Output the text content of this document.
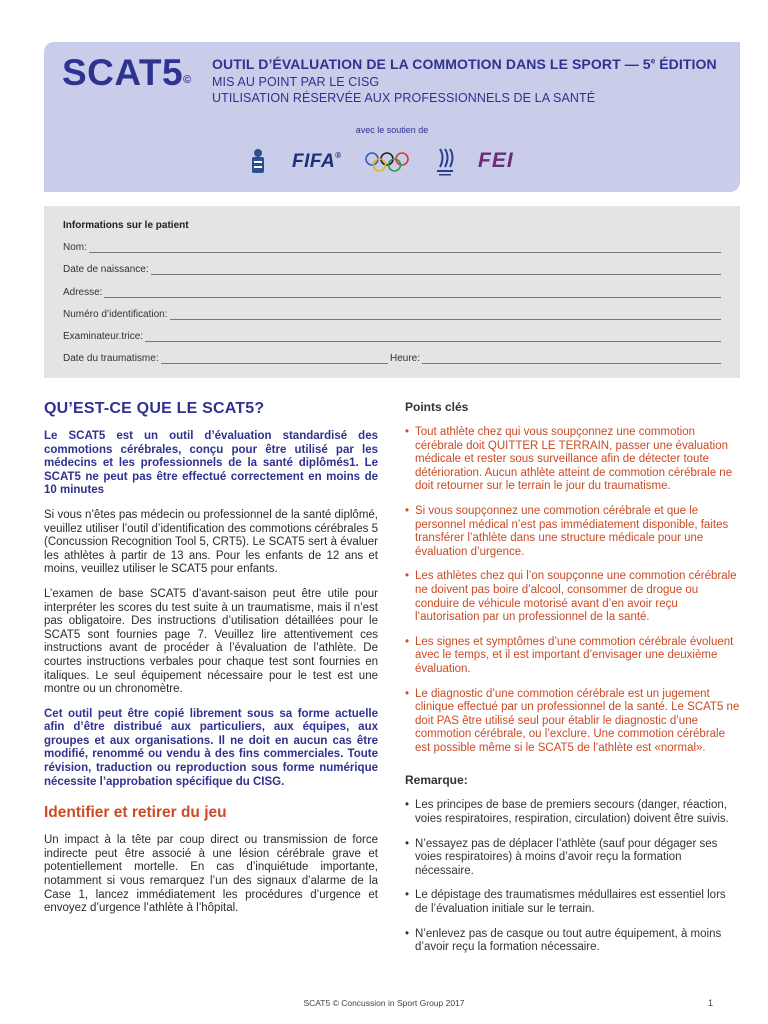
SCAT5©
OUTIL D’ÉVALUATION DE LA COMMOTION DANS LE SPORT — 5e ÉDITION
MIS AU POINT PAR LE CISG
UTILISATION RÉSERVÉE AUX PROFESSIONNELS DE LA SANTÉ
avec le soutien de
FIFA®	FEI
Informations sur le patient
Nom:
Date de naissance:
Adresse:
Numéro d’identification:
Examinateur.trice:
Date du traumatisme:	Heure:
QU’EST-CE QUE LE SCAT5?

Le SCAT5 est un outil d’évaluation standardisé des commotions cérébrales, conçu pour être utilisé par les médecins et les professionnels de la santé diplômés1. Le SCAT5 ne peut pas être effectué correctement en moins de 10 minutes

Si vous n’êtes pas médecin ou professionnel de la santé diplômé, veuillez utiliser l’outil d’identification des commotions cérébrales 5 (Concussion Recognition Tool 5, CRT5). Le SCAT5 sert à évaluer les athlètes à partir de 13 ans. Pour les enfants de 12 ans et moins, veuillez utiliser le SCAT5 pour enfants.

L’examen de base SCAT5 d’avant-saison peut être utile pour interpréter les scores du test suite à un traumatisme, mais il n’est pas obligatoire. Des instructions d’utilisation détaillées pour le SCAT5 sont fournies page 7. Veuillez lire attentivement ces instructions avant de procéder à l’évaluation de l’athlète. De courtes instructions verbales pour chaque test sont fournies en italiques. Le seul équipement nécessaire pour le test est une montre ou un chronomètre.

Cet outil peut être copié librement sous sa forme actuelle afin d’être distribué aux particuliers, aux équipes, aux groupes et aux organisations. Il ne doit en aucun cas être modifié, renommé ou vendu à des fins commerciales. Toute révision, traduction ou reproduction sous forme numérique nécessite l’approbation spécifique du CISG.

Identifier et retirer du jeu

Un impact à la tête par coup direct ou transmission de force indirecte peut être associé à une lésion cérébrale grave et potentiellement mortelle. En cas d’inquiétude importante, notamment si vous remarquez l’un des signaux d’alarme de la Case 1, lancez immédiatement les procédures d’urgence et envoyez d’urgence l’athlète à l’hôpital.

Points clés
• Tout athlète chez qui vous soupçonnez une commotion cérébrale doit QUITTER LE TERRAIN, passer une évaluation médicale et rester sous surveillance afin de détecter toute détérioration. Aucun athlète atteint de commotion cérébrale ne doit retourner sur le terrain le jour du traumatisme.
• Si vous soupçonnez une commotion cérébrale et que le personnel médical n’est pas immédiatement disponible, faites transférer l’athlète dans une structure médicale pour une évaluation d’urgence.
• Les athlètes chez qui l’on soupçonne une commotion cérébrale ne doivent pas boire d’alcool, consommer de drogue ou conduire de véhicule motorisé avant d’en avoir reçu l’autorisation par un professionnel de la santé.
• Les signes et symptômes d’une commotion cérébrale évoluent avec le temps, et il est important d’envisager une deuxième évaluation.
• Le diagnostic d’une commotion cérébrale est un jugement clinique effectué par un professionnel de la santé. Le SCAT5 ne doit PAS être utilisé seul pour établir le diagnostic d’une commotion cérébrale, ou l’exclure. Une commotion cérébrale est possible même si le SCAT5 de l’athlète est «normal».
Remarque:
• Les principes de base de premiers secours (danger, réaction, voies respiratoires, respiration, circulation) doivent être suivis.
• N’essayez pas de déplacer l’athlète (sauf pour dégager ses voies respiratoires) à moins d’avoir reçu la formation nécessaire.
• Le dépistage des traumatismes médullaires est essentiel lors de l’évaluation initiale sur le terrain.
• N’enlevez pas de casque ou tout autre équipement, à moins d’avoir reçu la formation nécessaire.
SCAT5 © Concussion in Sport Group 2017	1
